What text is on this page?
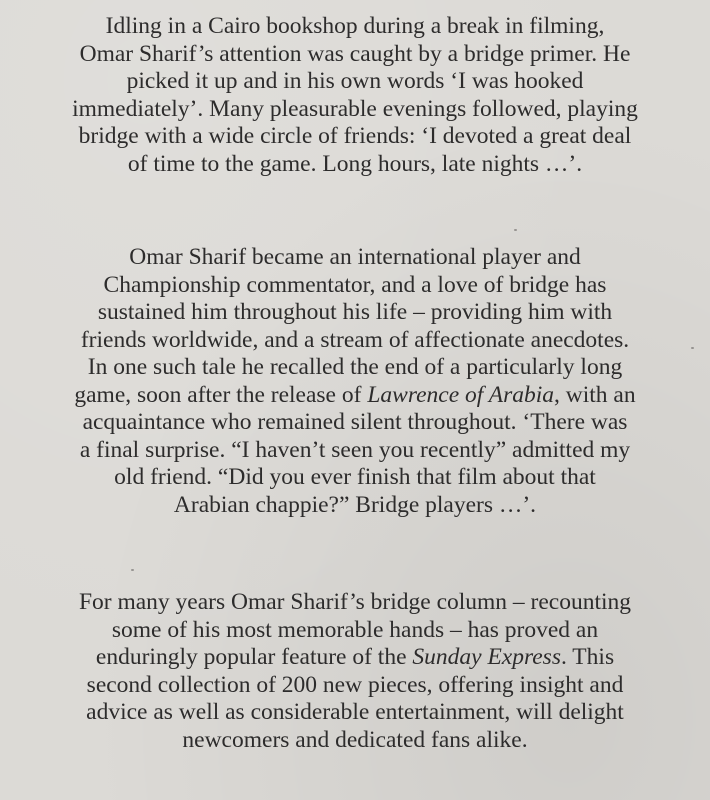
Idling in a Cairo bookshop during a break in filming,
Omar Sharif’s attention was caught by a bridge primer. He
picked it up and in his own words ‘I was hooked
immediately’. Many pleasurable evenings followed, playing
bridge with a wide circle of friends: ‘I devoted a great deal
of time to the game. Long hours, late nights …’.
Omar Sharif became an international player and
Championship commentator, and a love of bridge has
sustained him throughout his life – providing him with
friends worldwide, and a stream of affectionate anecdotes.
In one such tale he recalled the end of a particularly long
game, soon after the release of Lawrence of Arabia, with an
acquaintance who remained silent throughout. ‘There was
a final surprise. “I haven’t seen you recently” admitted my
old friend. “Did you ever finish that film about that
Arabian chappie?” Bridge players …’.
For many years Omar Sharif’s bridge column – recounting
some of his most memorable hands – has proved an
enduringly popular feature of the Sunday Express. This
second collection of 200 new pieces, offering insight and
advice as well as considerable entertainment, will delight
newcomers and dedicated fans alike.
